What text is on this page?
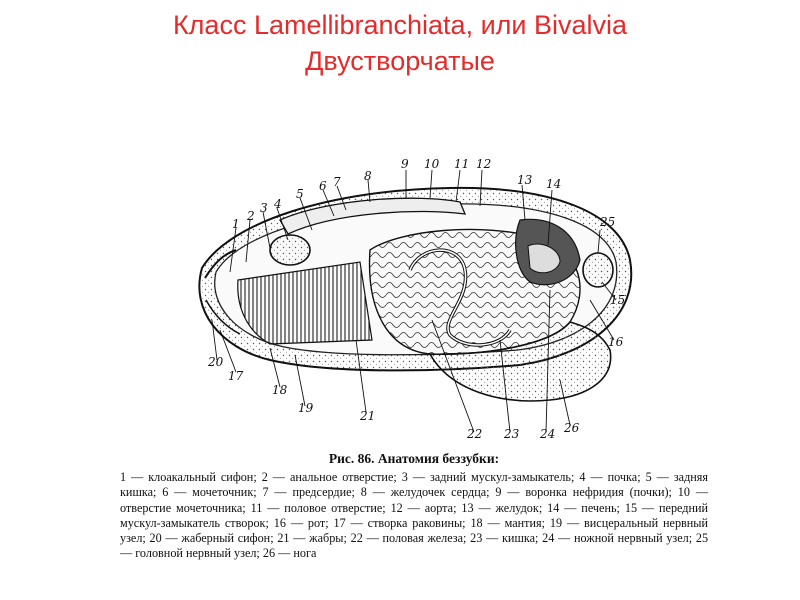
Класс Lamellibranchiata, или Bivalvia
Двустворчатые
1
2
3 4
5
6 7 8
9 10 11 12
13 14
15
16
17
18
19
20
21
22 23 24
25
26
Рис. 86. Анатомия беззубки:
1 — клоакальный сифон; 2 — анальное отверстие; 3 — задний мускул-замыкатель; 4 — почка; 5 — задняя кишка; 6 — мочеточник; 7 — предсердие; 8 — желудочек сердца; 9 — воронка нефридия (почки); 10 — отверстие мочеточника; 11 — половое отверстие; 12 — аорта; 13 — желудок; 14 — печень; 15 — передний мускул-замыкатель створок; 16 — рот; 17 — створка раковины; 18 — мантия; 19 — висцеральный нервный узел; 20 — жаберный сифон; 21 — жабры; 22 — половая железа; 23 — кишка; 24 — ножной нервный узел; 25 — головной нервный узел; 26 — нога
